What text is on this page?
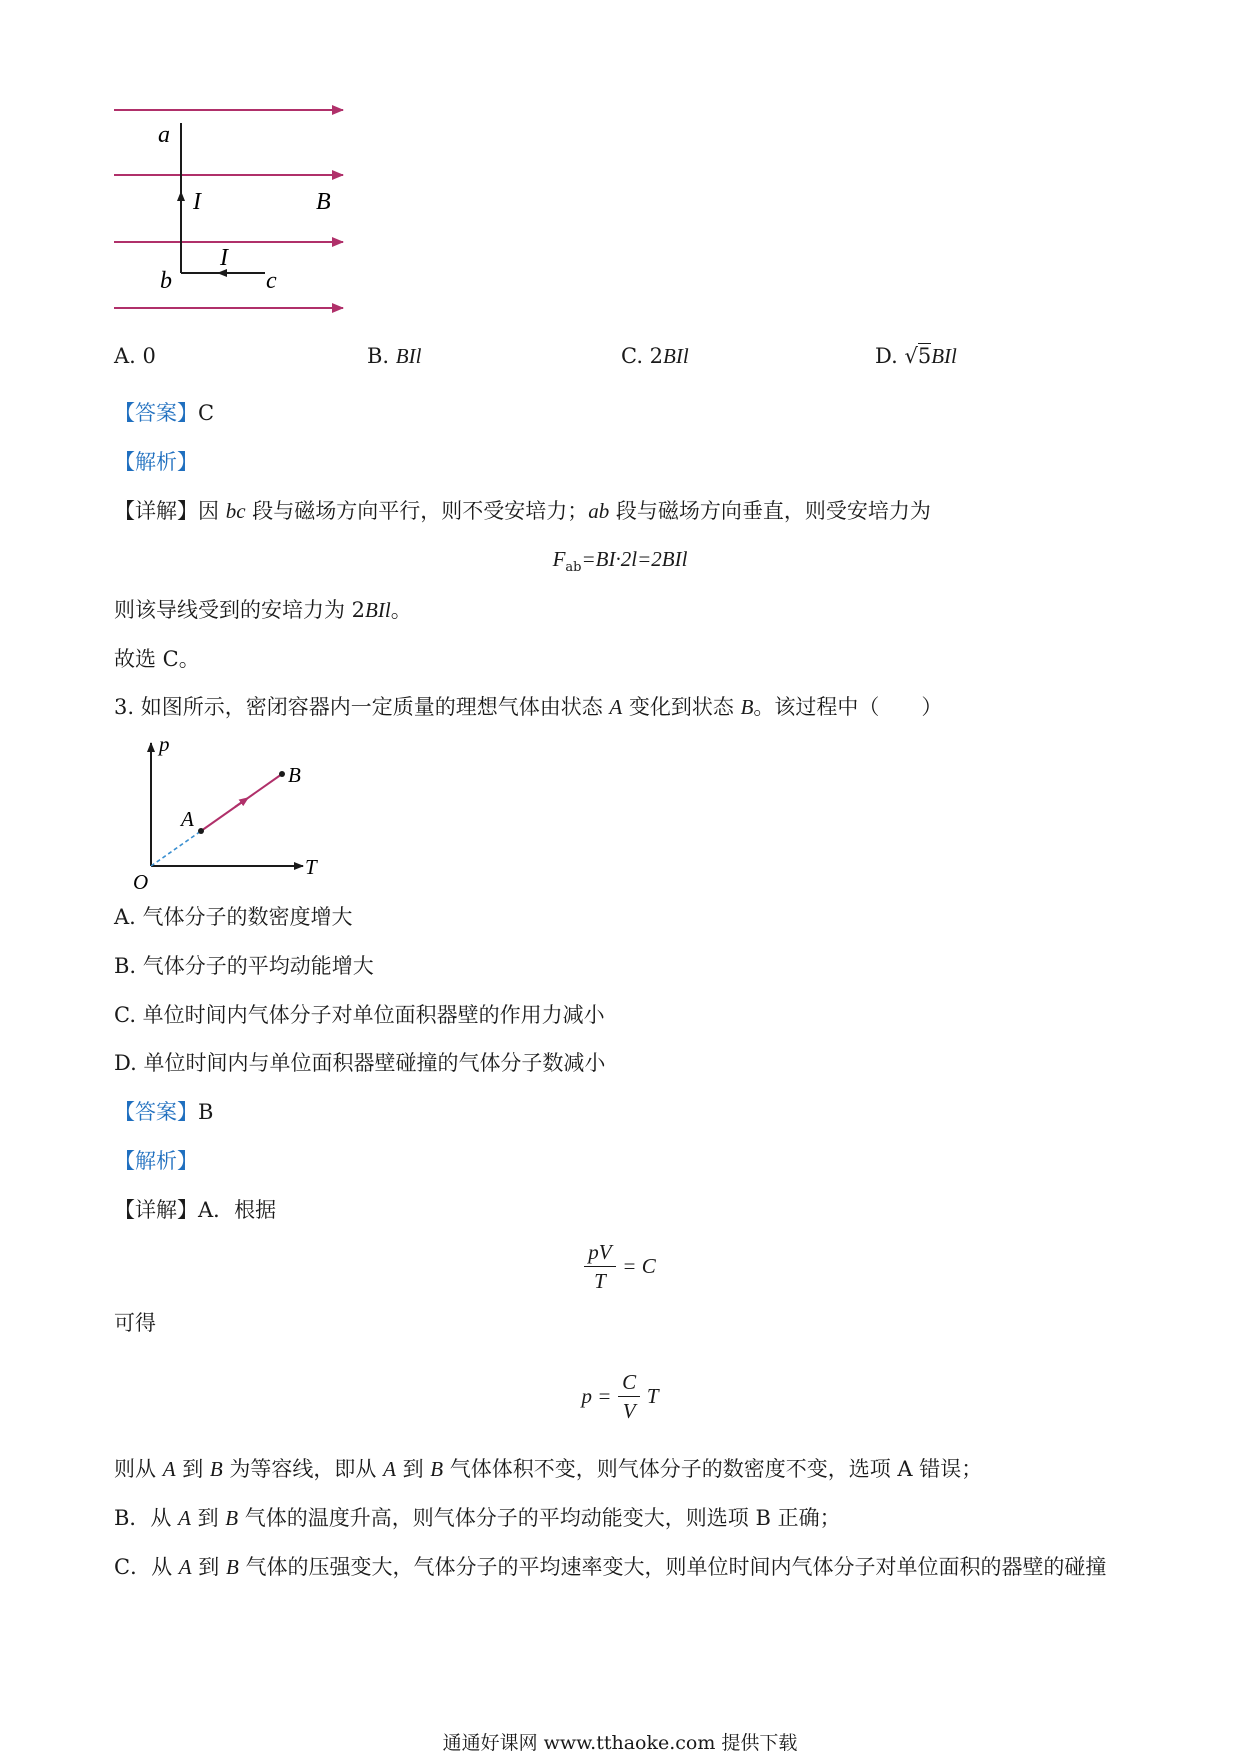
a
I	B
I
b	c
A. 0	B. BIl	C. 2BIl	D. √5BIl
【答案】C
【解析】
【详解】因 bc 段与磁场方向平行，则不受安培力；ab 段与磁场方向垂直，则受安培力为
$F_{ab}=BI\cdot 2l=2BIl$
则该导线受到的安培力为 2BIl。
故选 C。
3. 如图所示，密闭容器内一定质量的理想气体由状态 A 变化到状态 B。该过程中（　　）
p
T
O
A
B
A. 气体分子的数密度增大
B. 气体分子的平均动能增大
C. 单位时间内气体分子对单位面积器壁的作用力减小
D. 单位时间内与单位面积器壁碰撞的气体分子数减小
【答案】B
【解析】
【详解】A．根据
$\frac{pV}{T} = C$
可得
$p = \frac{C}{V}$ T
则从 A 到 B 为等容线，即从 A 到 B 气体体积不变，则气体分子的数密度不变，选项 A 错误；
B．从 A 到 B 气体的温度升高，则气体分子的平均动能变大，则选项 B 正确；
C．从 A 到 B 气体的压强变大，气体分子的平均速率变大，则单位时间内气体分子对单位面积的器壁的碰撞
通通好课网 www.tthaoke.com 提供下载
